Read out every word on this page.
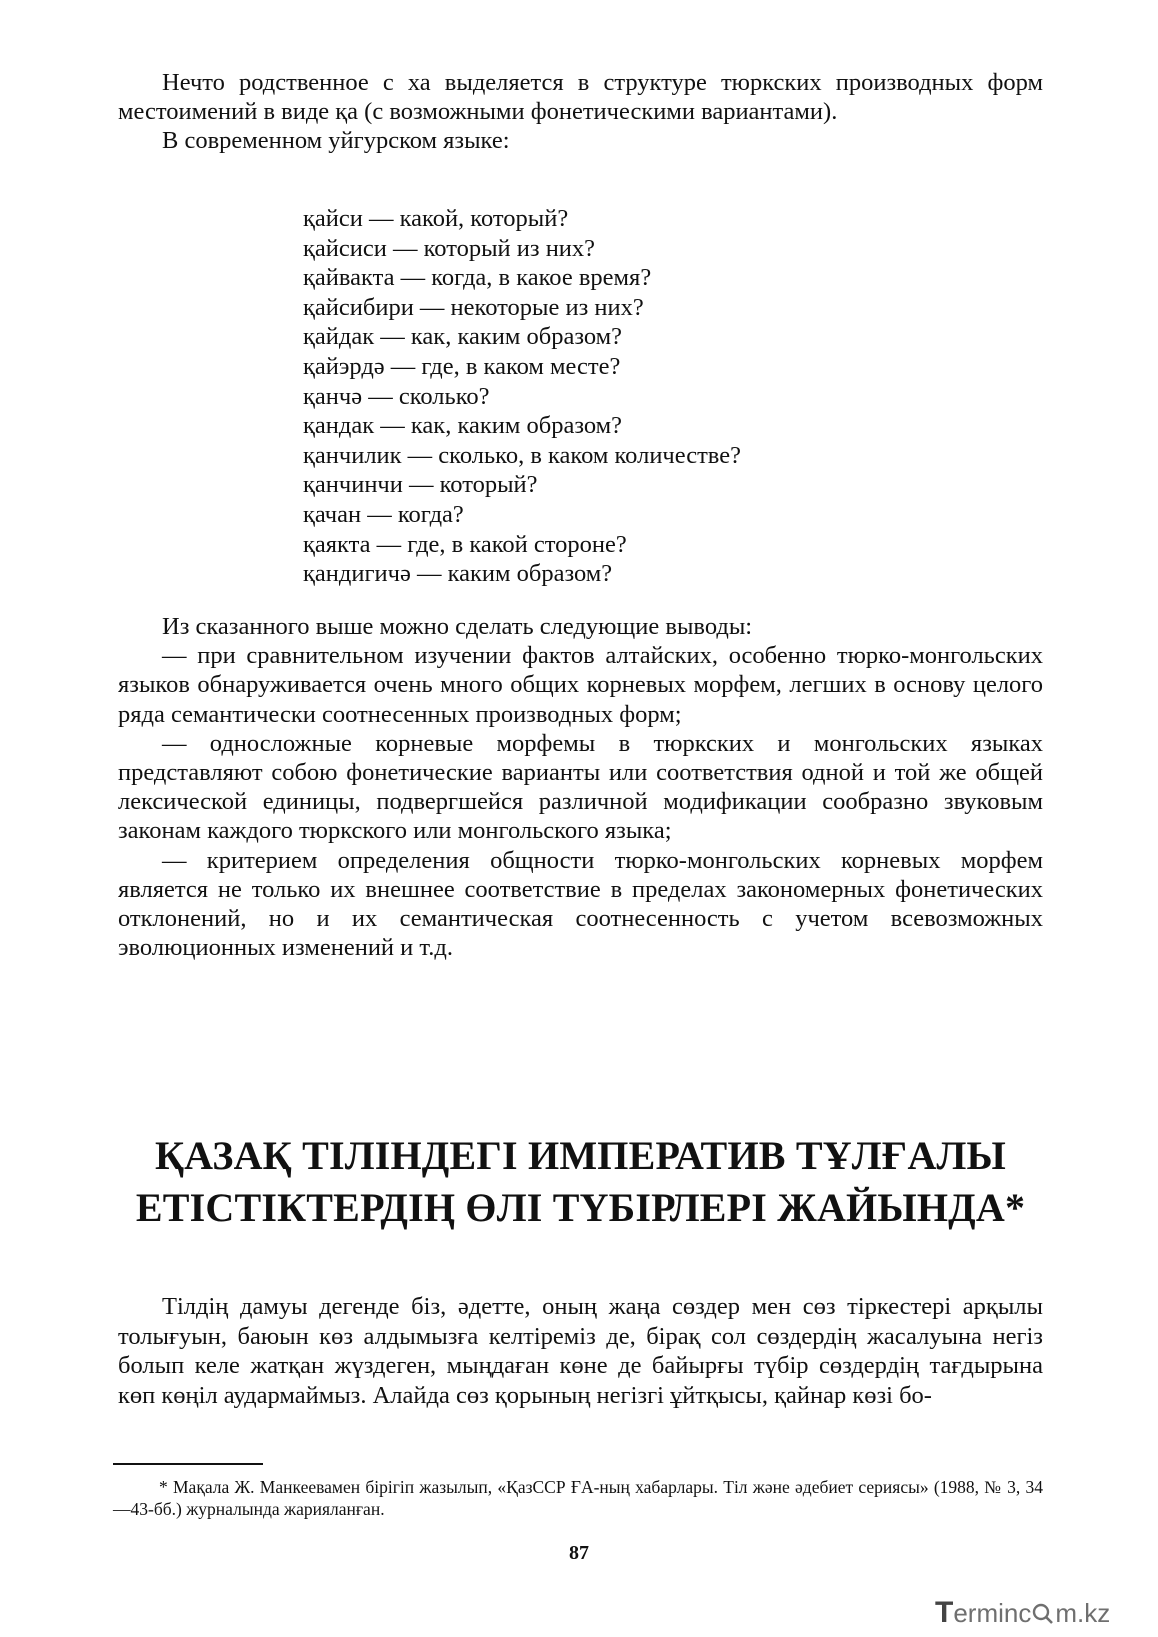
Нечто родственное с ха выделяется в структуре тюркских производных форм местоимений в виде қа (с возможными фонетическими вариантами).

В современном уйгурском языке:

қайси — какой, который?
қайсиси — который из них?
қайвакта — когда, в какое время?
қайсибири — некоторые из них?
қайдак — как, каким образом?
қайэрдә — где, в каком месте?
қанчә — сколько?
қандак — как, каким образом?
қанчилик — сколько, в каком количестве?
қанчинчи — который?
қачан — когда?
қаякта — где, в какой стороне?
қандигичә — каким образом?

Из сказанного выше можно сделать следующие выводы:

— при сравнительном изучении фактов алтайских, особенно тюрко-монгольских языков обнаруживается очень много общих корневых морфем, легших в основу целого ряда семантически соотнесенных производных форм;

— односложные корневые морфемы в тюркских и монгольских языках представляют собою фонетические варианты или соответствия одной и той же общей лексической единицы, подвергшейся различной модификации сообразно звуковым законам каждого тюркского или монгольского языка;

— критерием определения общности тюрко-монгольских корневых морфем является не только их внешнее соответствие в пределах закономерных фонетических отклонений, но и их семантическая соотнесенность с учетом всевозможных эволюционных изменений и т.д.

ҚАЗАҚ ТІЛІНДЕГІ ИМПЕРАТИВ ТҰЛҒАЛЫ
ЕТІСТІКТЕРДІҢ ӨЛІ ТҮБІРЛЕРІ ЖАЙЫНДА*

Тілдің дамуы дегенде біз, әдетте, оның жаңа сөздер мен сөз тіркестері арқылы толығуын, баюын көз алдымызға келтіреміз де, бірақ сол сөздердің жасалуына негіз болып келе жатқан жүздеген, мыңдаған көне де байырғы түбір сөздердің тағдырына көп көңіл аудармаймыз. Алайда сөз қорының негізгі ұйтқысы, қайнар көзі бо-

* Мақала Ж. Манкеевамен бірігіп жазылып, «ҚазССР ҒА-ның хабарлары. Тіл және әдебиет сериясы» (1988, № 3, 34—43-бб.) журналында жарияланған.

87

Terminc m.kz
